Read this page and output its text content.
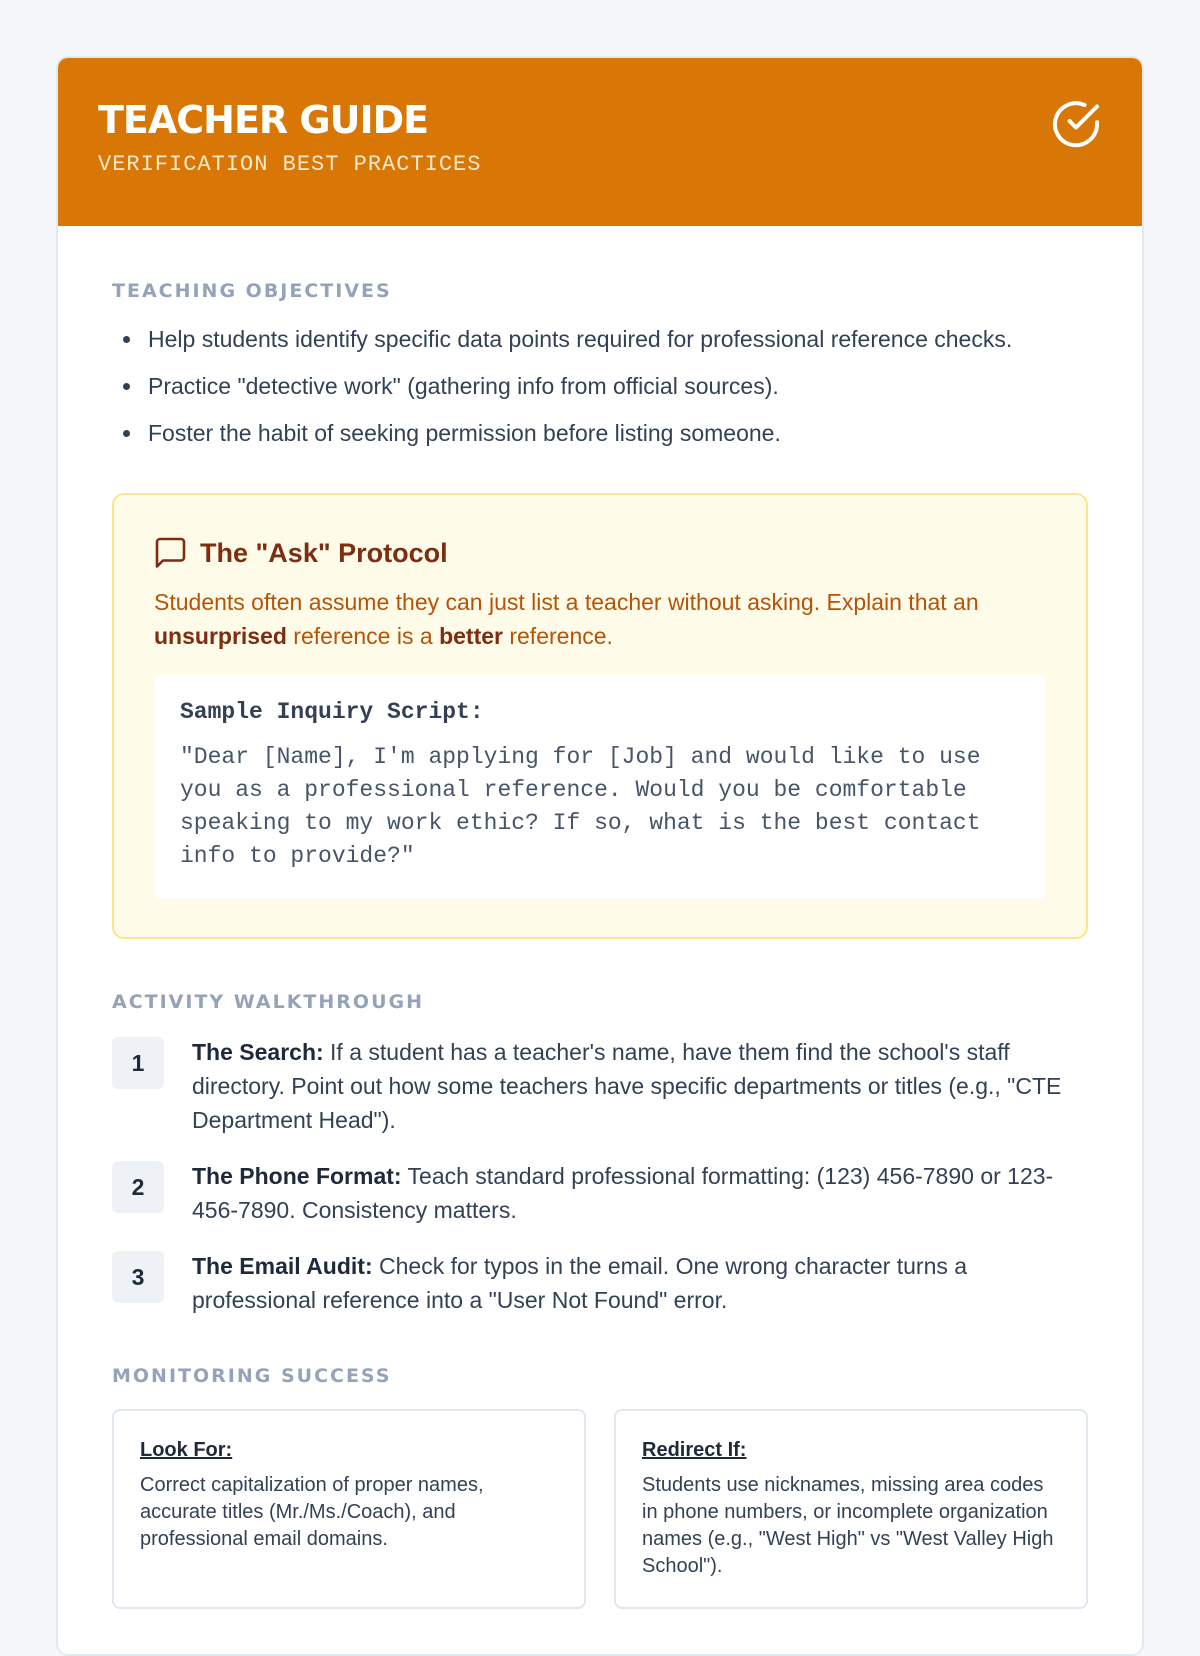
TEACHER GUIDE
VERIFICATION BEST PRACTICES
TEACHING OBJECTIVES
• Help students identify specific data points required for professional reference checks.
• Practice "detective work" (gathering info from official sources).
• Foster the habit of seeking permission before listing someone.
The "Ask" Protocol
Students often assume they can just list a teacher without asking. Explain that an unsurprised reference is a better reference.
Sample Inquiry Script:
"Dear [Name], I'm applying for [Job] and would like to use you as a professional reference. Would you be comfortable speaking to my work ethic? If so, what is the best contact info to provide?"
ACTIVITY WALKTHROUGH
1	The Search: If a student has a teacher's name, have them find the school's staff directory. Point out how some teachers have specific departments or titles (e.g., "CTE Department Head").
2	The Phone Format: Teach standard professional formatting: (123) 456-7890 or 123-456-7890. Consistency matters.
3	The Email Audit: Check for typos in the email. One wrong character turns a professional reference into a "User Not Found" error.
MONITORING SUCCESS
Look For:
Correct capitalization of proper names, accurate titles (Mr./Ms./Coach), and professional email domains.
Redirect If:
Students use nicknames, missing area codes in phone numbers, or incomplete organization names (e.g., "West High" vs "West Valley High School").
